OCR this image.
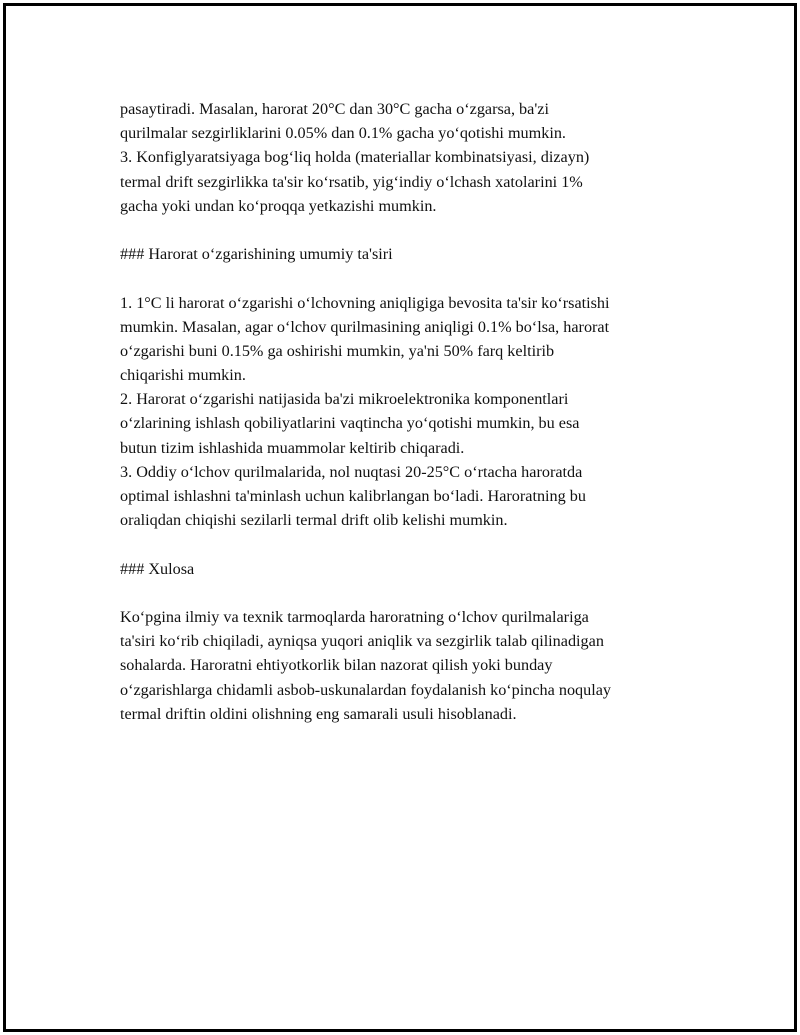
pasaytiradi. Masalan, harorat 20°C dan 30°C gacha o‘zgarsa, ba'zi
qurilmalar sezgirliklarini 0.05% dan 0.1% gacha yo‘qotishi mumkin.
3. Konfiglyaratsiyaga bog‘liq holda (materiallar kombinatsiyasi, dizayn)
termal drift sezgirlikka ta'sir ko‘rsatib, yig‘indiy o‘lchash xatolarini 1%
gacha yoki undan ko‘proqqa yetkazishi mumkin.
### Harorat o‘zgarishining umumiy ta'siri
1. 1°C li harorat o‘zgarishi o‘lchovning aniqligiga bevosita ta'sir ko‘rsatishi
mumkin. Masalan, agar o‘lchov qurilmasining aniqligi 0.1% bo‘lsa, harorat
o‘zgarishi buni 0.15% ga oshirishi mumkin, ya'ni 50% farq keltirib
chiqarishi mumkin.
2. Harorat o‘zgarishi natijasida ba'zi mikroelektronika komponentlari
o‘zlarining ishlash qobiliyatlarini vaqtincha yo‘qotishi mumkin, bu esa
butun tizim ishlashida muammolar keltirib chiqaradi.
3. Oddiy o‘lchov qurilmalarida, nol nuqtasi 20-25°C o‘rtacha haroratda
optimal ishlashni ta'minlash uchun kalibrlangan bo‘ladi. Haroratning bu
oraliqdan chiqishi sezilarli termal drift olib kelishi mumkin.
### Xulosa
Ko‘pgina ilmiy va texnik tarmoqlarda haroratning o‘lchov qurilmalariga
ta'siri ko‘rib chiqiladi, ayniqsa yuqori aniqlik va sezgirlik talab qilinadigan
sohalarda. Haroratni ehtiyotkorlik bilan nazorat qilish yoki bunday
o‘zgarishlarga chidamli asbob-uskunalardan foydalanish ko‘pincha noqulay
termal driftin oldini olishning eng samarali usuli hisoblanadi.
